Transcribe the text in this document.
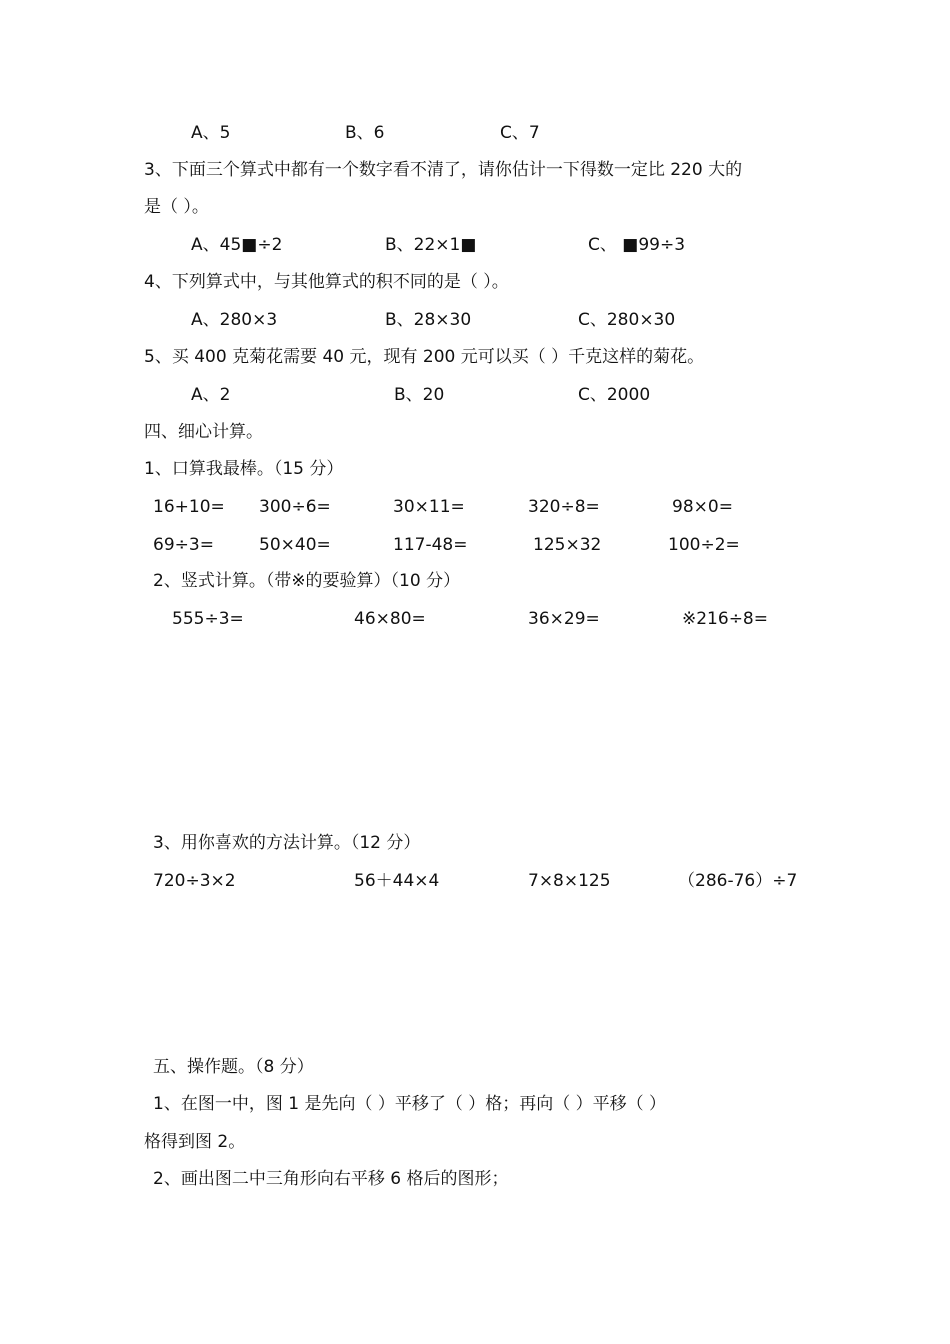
A、5	B、6	C、7
3、下面三个算式中都有一个数字看不清了，请你估计一下得数一定比 220 大的
是（ ）。
A、45■÷2	B、22×1■	C、 ■99÷3
4、下列算式中，与其他算式的积不同的是（ ）。
A、280×3	B、28×30	C、280×30
5、买 400 克菊花需要 40 元，现有 200 元可以买（ ）千克这样的菊花。
A、2	B、20	C、2000
四、细心计算。
1、口算我最棒。（15 分）
16+10= 300÷6=	30×11=	320÷8=	98×0=
69÷3=	50×40=	117-48=	125×32	100÷2=
2、竖式计算。（带※的要验算）（10 分）
555÷3=	46×80=	36×29=	※216÷8=
3、用你喜欢的方法计算。（12 分）
720÷3×2	56＋44×4	7×8×125	（286-76）÷7
五、操作题。（8 分）
1、在图一中，图 1 是先向（ ）平移了（ ）格；再向（ ）平移（ ）
格得到图 2。
2、画出图二中三角形向右平移 6 格后的图形；
